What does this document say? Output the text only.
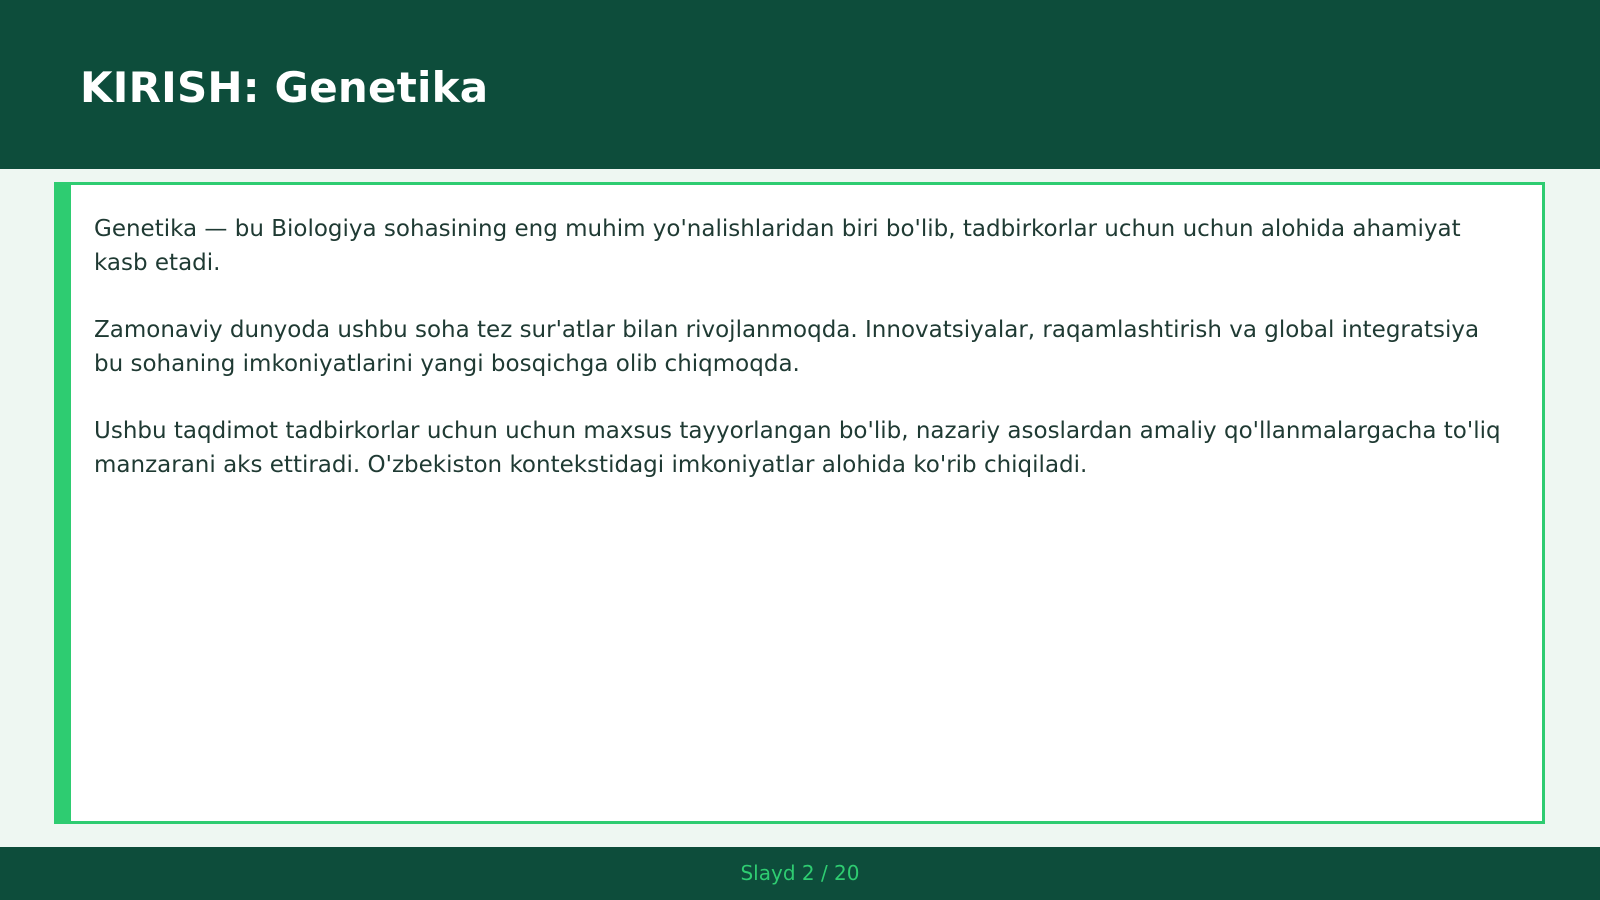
KIRISH: Genetika

Genetika — bu Biologiya sohasining eng muhim yo'nalishlaridan biri bo'lib, tadbirkorlar uchun uchun alohida ahamiyat kasb etadi.

Zamonaviy dunyoda ushbu soha tez sur'atlar bilan rivojlanmoqda. Innovatsiyalar, raqamlashtirish va global integratsiya bu sohaning imkoniyatlarini yangi bosqichga olib chiqmoqda.

Ushbu taqdimot tadbirkorlar uchun uchun maxsus tayyorlangan bo'lib, nazariy asoslardan amaliy qo'llanmalargacha to'liq manzarani aks ettiradi. O'zbekiston kontekstidagi imkoniyatlar alohida ko'rib chiqiladi.

Slayd 2 / 20
